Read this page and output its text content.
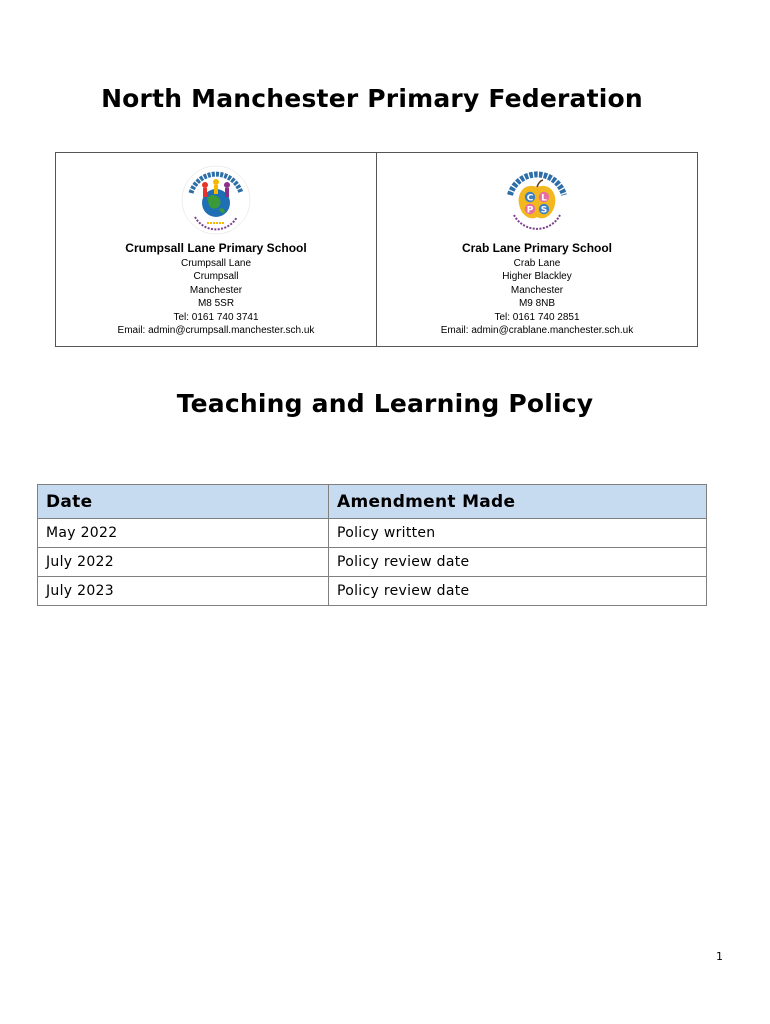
North Manchester Primary Federation
Crumpsall Lane Primary School
Crumpsall Lane
Crumpsall
Manchester
M8 5SR
Tel: 0161 740 3741
Email: admin@crumpsall.manchester.sch.uk
C L
P S
Crab Lane Primary School
Crab Lane
Higher Blackley
Manchester
M9 8NB
Tel: 0161 740 2851
Email: admin@crablane.manchester.sch.uk
Teaching and Learning Policy
Date	Amendment Made
May 2022	Policy written
July 2022	Policy review date
July 2023	Policy review date
1
